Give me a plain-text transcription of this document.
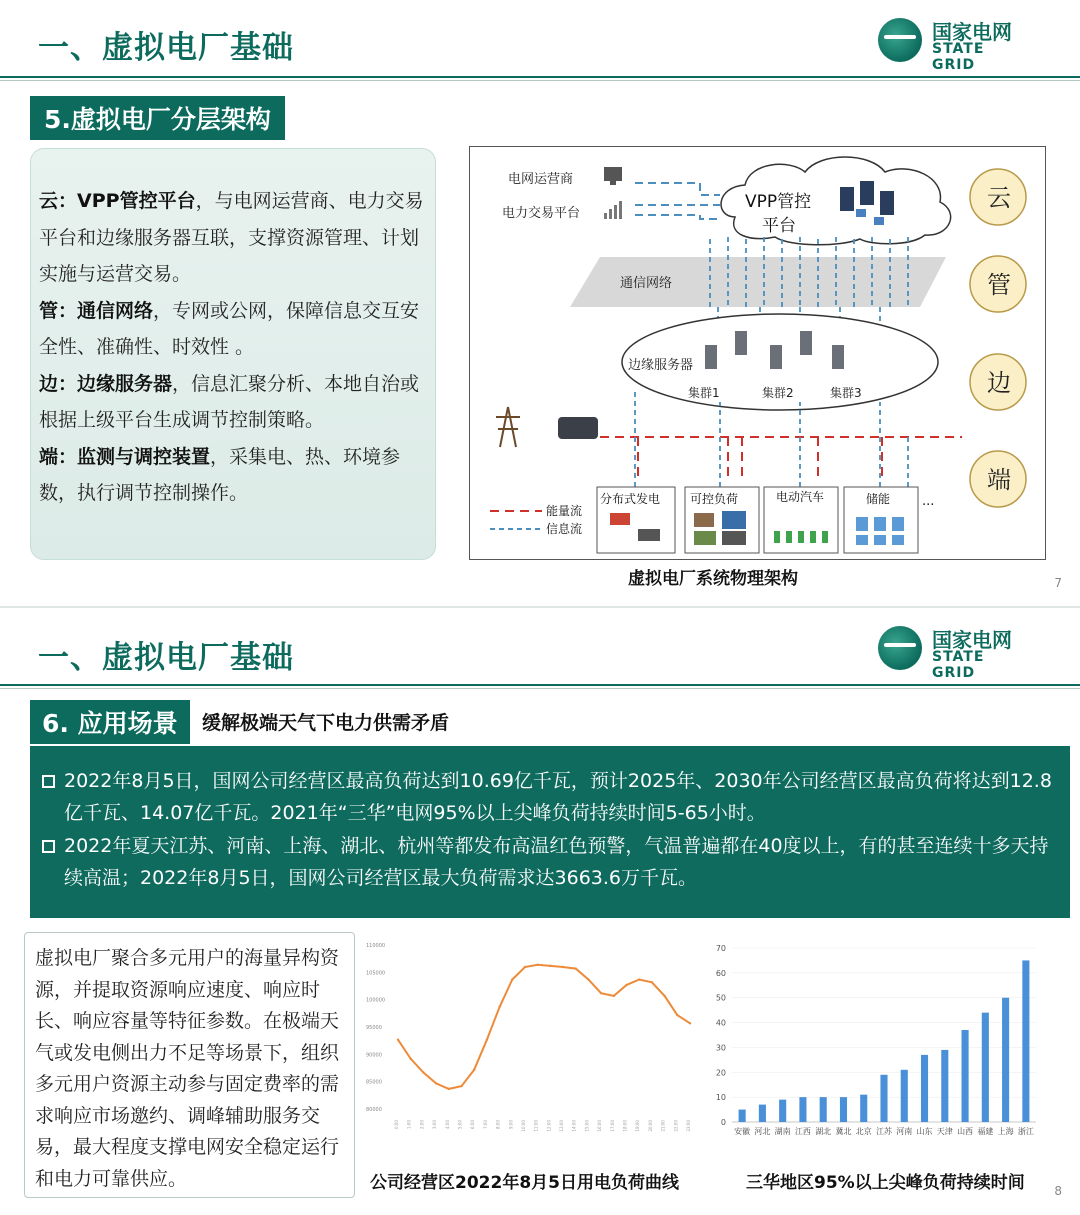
一、虚拟电厂基础	国家电网
STATE GRID
5.虚拟电厂分层架构

云：VPP管控平台，与电网运营商、电力交易平台和边缘服务器互联，支撑资源管理、计划实施与运营交易。

管：通信网络，专网或公网，保障信息交互安全性、准确性、时效性 。

边：边缘服务器，信息汇聚分析、本地自治或根据上级平台生成调节控制策略。

端：监测与调控装置，采集电、热、环境参数，执行调节控制操作。

电网运营商
电力交易平台
VPP管控
平台
通信网络
边缘服务器
集群1	集群2	集群3
云
管
边
端
分布式发电 可控负荷	电动汽车	储能 ...
能量流
信息流
虚拟电厂系统物理架构	7
一、虚拟电厂基础	国家电网
STATE GRID
6. 应用场景	缓解极端天气下电力供需矛盾
2022年8月5日，国网公司经营区最高负荷达到10.69亿千瓦，预计2025年、2030年公司经营区最高负荷将达到12.8亿千瓦、14.07亿千瓦。2021年“三华”电网95%以上尖峰负荷持续时间5-65小时。
2022年夏天江苏、河南、上海、湖北、杭州等都发布高温红色预警，气温普遍都在40度以上，有的甚至连续十多天持续高温；2022年8月5日，国网公司经营区最大负荷需求达3663.6万千瓦。

虚拟电厂聚合多元用户的海量异构资源，并提取资源响应速度、响应时长、响应容量等特征参数。在极端天气或发电侧出力不足等场景下，组织多元用户资源主动参与固定费率的需求响应市场邀约、调峰辅助服务交易，最大程度支撑电网安全稳定运行和电力可靠供应。

80000
85000
90000
95000
100000
105000
110000
0:00 1:00 2:00 3:00 4:00 5:00 6:00 7:00 8:00 9:00 10:00 11:00 12:00 13:00 14:00 15:00 16:00 17:00 18:00 19:00 20:00 21:00 22:00 23:00
公司经营区2022年8月5日用电负荷曲线
0
10
20
30
40
50
60
70
安徽 河北 湖南 江西 湖北 冀北 北京 江苏 河南 山东 天津 山西 福建 上海 浙江
三华地区95%以上尖峰负荷持续时间 8
